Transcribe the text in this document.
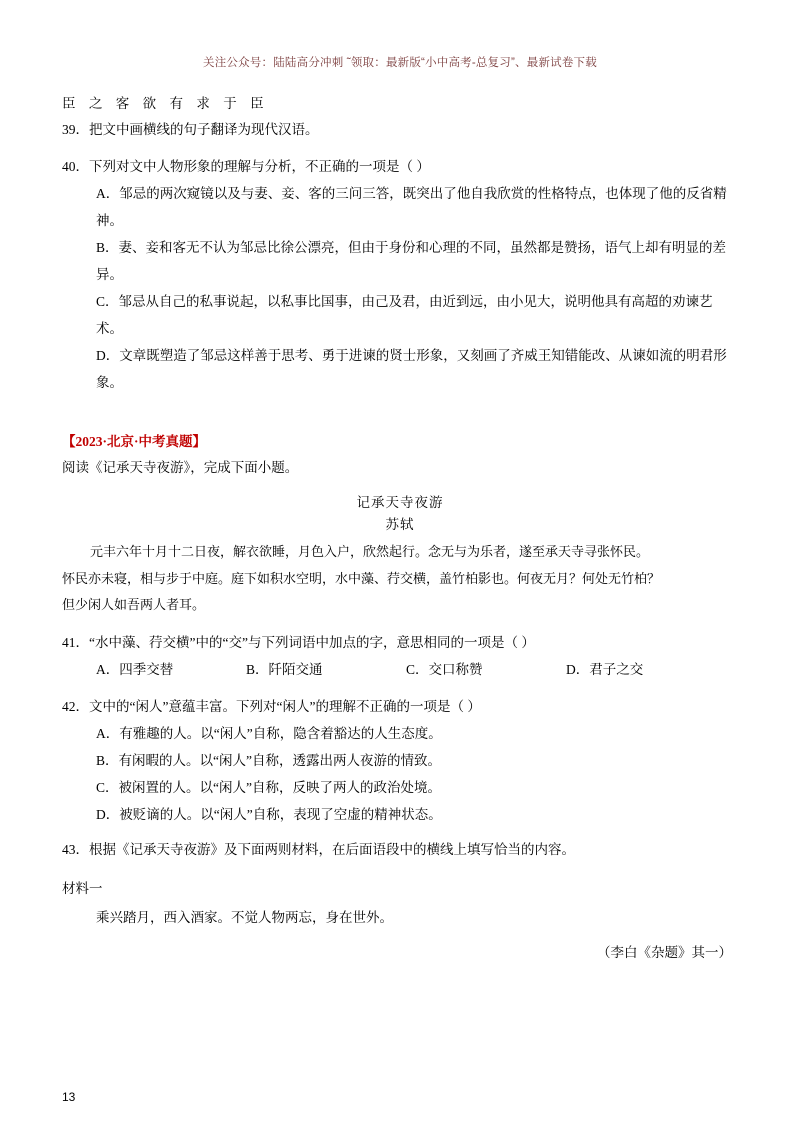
关注公众号：陆陆高分冲刺 ˜领取：最新版“小中高考-总复习”、最新试卷下载
臣 之 客 欲 有 求 于 臣
39．把文中画横线的句子翻译为现代汉语。
40．下列对文中人物形象的理解与分析，不正确的一项是（ ）
A．邹忌的两次窥镜以及与妻、妾、客的三问三答，既突出了他自我欣赏的性格特点，也体现了他的反省精神。
B．妻、妾和客无不认为邹忌比徐公漂亮，但由于身份和心理的不同，虽然都是赞扬，语气上却有明显的差异。
C．邹忌从自己的私事说起，以私事比国事，由己及君，由近到远，由小见大，说明他具有高超的劝谏艺术。
D．文章既塑造了邹忌这样善于思考、勇于进谏的贤士形象，又刻画了齐威王知错能改、从谏如流的明君形象。
【2023·北京·中考真题】
阅读《记承天寺夜游》，完成下面小题。
记承天寺夜游
苏轼
元丰六年十月十二日夜，解衣欲睡，月色入户，欣然起行。念无与为乐者，遂至承天寺寻张怀民。
怀民亦未寝，相与步于中庭。庭下如积水空明，水中藻、荇交横，盖竹柏影也。何夜无月？何处无竹柏？
但少闲人如吾两人者耳。
41．“水中藻、荇交横”中的“交”与下列词语中加点的字，意思相同的一项是（ ）
A．四季交替	B．阡陌交通	C．交口称赞	D．君子之交
42．文中的“闲人”意蕴丰富。下列对“闲人”的理解不正确的一项是（ ）
A．有雅趣的人。以“闲人”自称，隐含着豁达的人生态度。
B．有闲暇的人。以“闲人”自称，透露出两人夜游的情致。
C．被闲置的人。以“闲人”自称，反映了两人的政治处境。
D．被贬谪的人。以“闲人”自称，表现了空虚的精神状态。
43．根据《记承天寺夜游》及下面两则材料，在后面语段中的横线上填写恰当的内容。
材料一
乘兴踏月，西入酒家。不觉人物两忘，身在世外。
（李白《杂题》其一）
13
